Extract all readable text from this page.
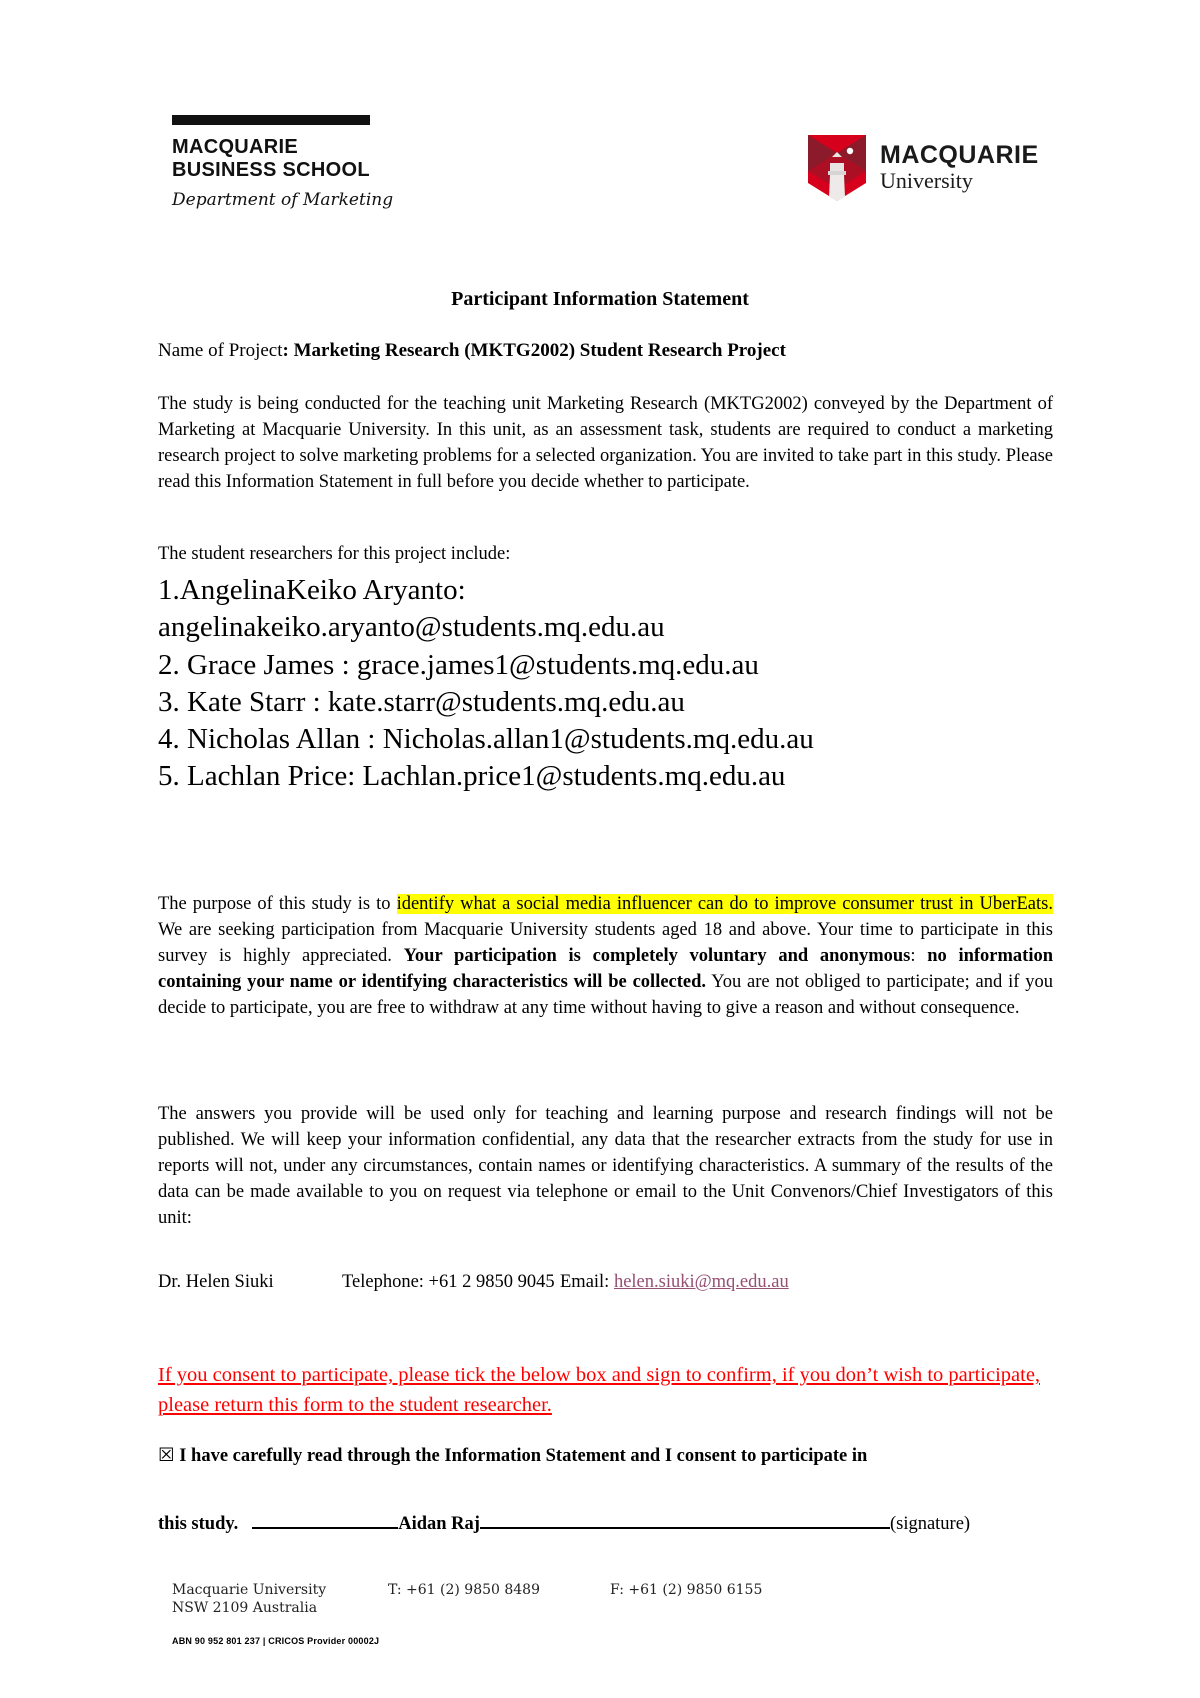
MACQUARIE
BUSINESS SCHOOL
Department of Marketing
MACQUARIE
University
Participant Information Statement
Name of Project: Marketing Research (MKTG2002) Student Research Project
The study is being conducted for the teaching unit Marketing Research (MKTG2002) conveyed by the Department of Marketing at Macquarie University. In this unit, as an assessment task, students are required to conduct a marketing research project to solve marketing problems for a selected organization. You are invited to take part in this study. Please read this Information Statement in full before you decide whether to participate.
The student researchers for this project include:
1.AngelinaKeiko Aryanto:
angelinakeiko.aryanto@students.mq.edu.au
2. Grace James : grace.james1@students.mq.edu.au
3. Kate Starr : kate.starr@students.mq.edu.au
4. Nicholas Allan : Nicholas.allan1@students.mq.edu.au
5. Lachlan Price: Lachlan.price1@students.mq.edu.au
The purpose of this study is to identify what a social media influencer can do to improve consumer trust in UberEats. We are seeking participation from Macquarie University students aged 18 and above. Your time to participate in this survey is highly appreciated. Your participation is completely voluntary and anonymous: no information containing your name or identifying characteristics will be collected. You are not obliged to participate; and if you decide to participate, you are free to withdraw at any time without having to give a reason and without consequence.
The answers you provide will be used only for teaching and learning purpose and research findings will not be published. We will keep your information confidential, any data that the researcher extracts from the study for use in reports will not, under any circumstances, contain names or identifying characteristics. A summary of the results of the data can be made available to you on request via telephone or email to the Unit Convenors/Chief Investigators of this unit:
Dr. Helen Siuki	Telephone: +61 2 9850 9045 Email: helen.siuki@mq.edu.au
If you consent to participate, please tick the below box and sign to confirm, if you don’t wish to participate, please return this form to the student researcher.
☒ I have carefully read through the Information Statement and I consent to participate in
this study.	Aidan Raj	(signature)
Macquarie University
NSW 2109 Australia
T: +61 (2) 9850 8489	F: +61 (2) 9850 6155
ABN 90 952 801 237 | CRICOS Provider 00002J
